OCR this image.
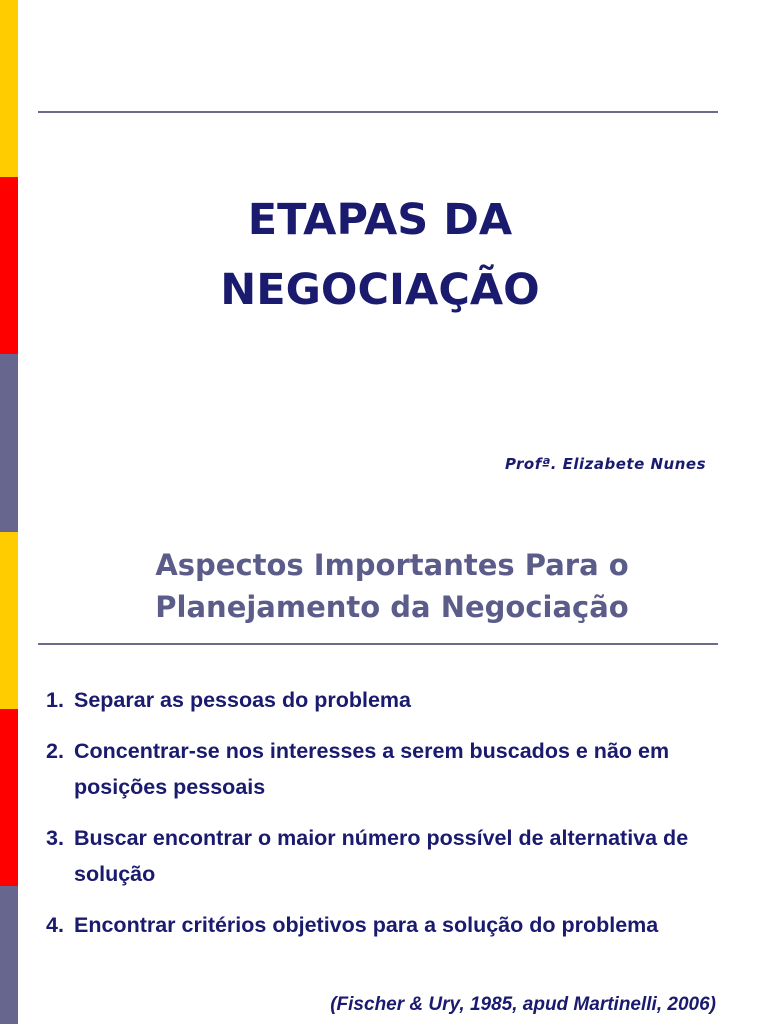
ETAPAS DA
NEGOCIAÇÃO
Profª. Elizabete Nunes
Aspectos Importantes Para o
Planejamento da Negociação
1. Separar as pessoas do problema
2. Concentrar-se nos interesses a serem buscados e não em posições pessoais
3. Buscar encontrar o maior número possível de alternativa de solução
4. Encontrar critérios objetivos para a solução do problema
(Fischer & Ury, 1985, apud Martinelli, 2006)
